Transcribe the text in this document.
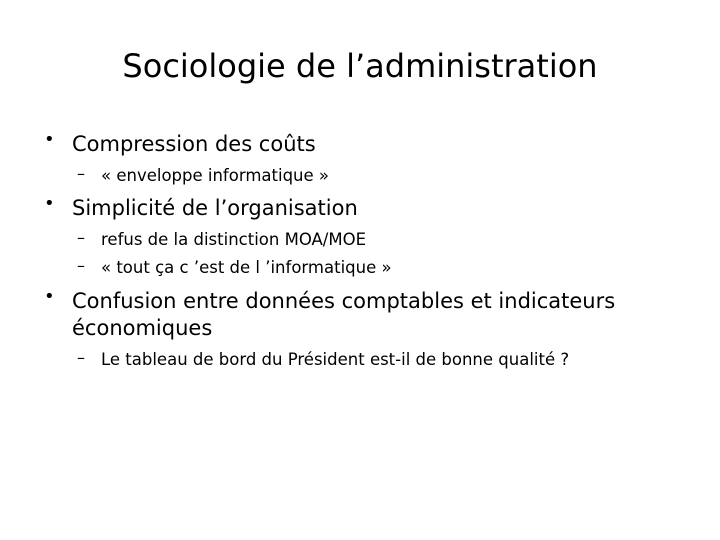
Sociologie de l’administration
• Compression des coûts
– « enveloppe informatique »
• Simplicité de l’organisation
– refus de la distinction MOA/MOE
– « tout ça c ’est de l ’informatique »
• Confusion entre données comptables et indicateurs
économiques
– Le tableau de bord du Président est-il de bonne qualité ?
